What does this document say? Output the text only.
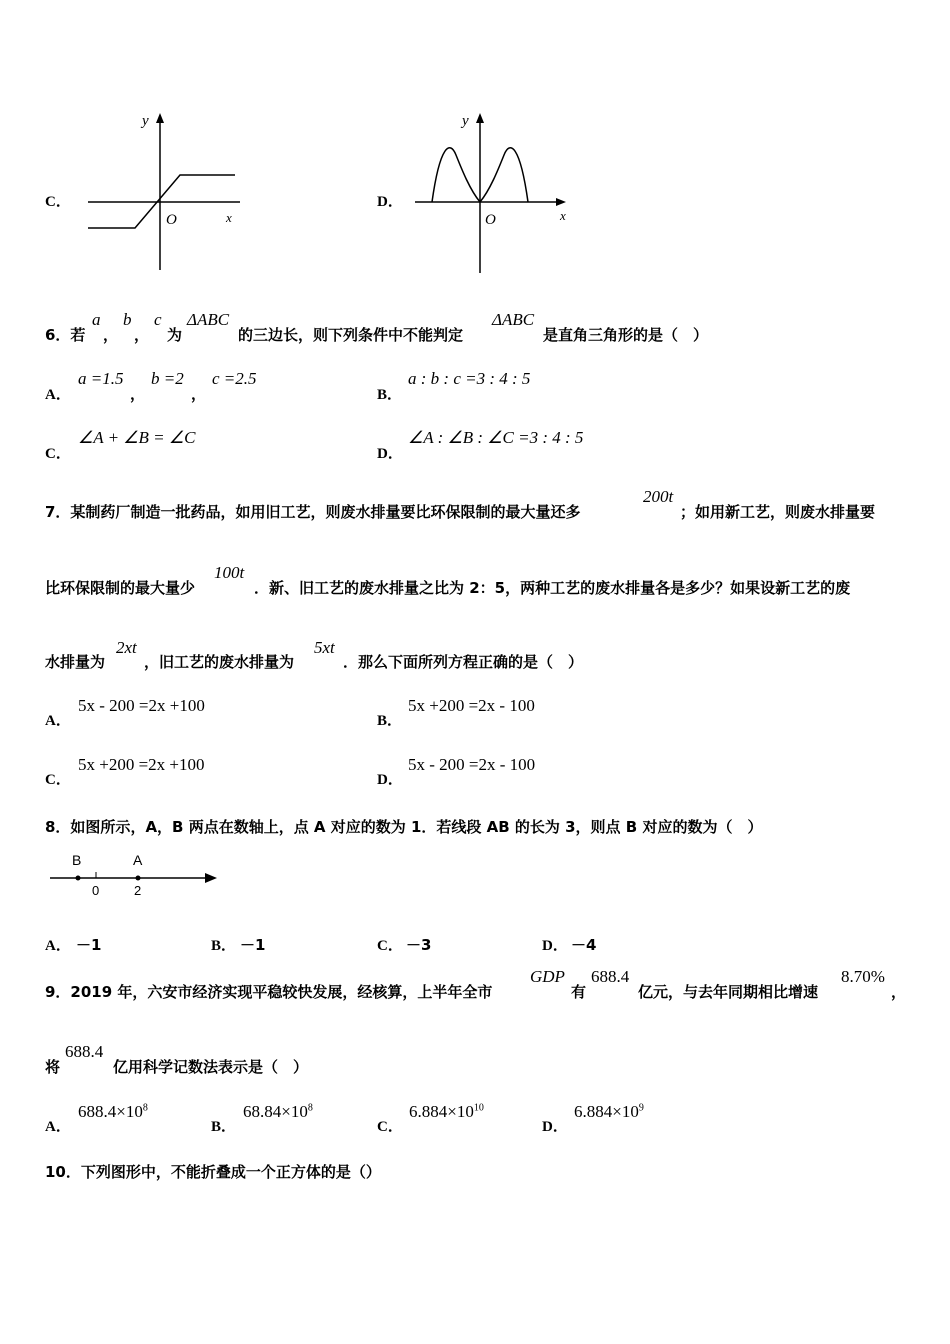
C．
y
O	x
D．
y
O	x
6．若
a
，
b
，
c
为
ΔABC
的三边长，则下列条件中不能判定
ΔABC
是直角三角形的是（　）
A．
a =1.5
，
b =2
，
c =2.5
B．
a : b : c =3 : 4 : 5
C．
∠A + ∠B = ∠C
D．
∠A : ∠B : ∠C =3 : 4 : 5
7．某制药厂制造一批药品，如用旧工艺，则废水排量要比环保限制的最大量还多
200t
；如用新工艺，则废水排量要
比环保限制的最大量少
100t
．新、旧工艺的废水排量之比为 2：5，两种工艺的废水排量各是多少？如果设新工艺的废
水排量为
2xt
，旧工艺的废水排量为
5xt
．那么下面所列方程正确的是（　）
A．
5x - 200 =2x +100
B．
5x +200 =2x - 100
C．
5x +200 =2x +100
D．
5x - 200 =2x - 100
8．如图所示，A，B 两点在数轴上，点 A 对应的数为 1．若线段 AB 的长为 3，则点 B 对应的数为（　）
B	A
0	2
A． －1	B． －1	C． －3	D． －4
9．2019 年，六安市经济实现平稳较快发展，经核算，上半年全市
GDP
有
688.4
亿元，与去年同期相比增速
8.70%
，
将
688.4
亿用科学记数法表示是（　）
A．
$688.4\times 10^8$
B．
$68.84\times 10^8$
C．
$6.884\times 10^{10}$
D．
$6.884\times 10^9$
10．下列图形中，不能折叠成一个正方体的是（）
